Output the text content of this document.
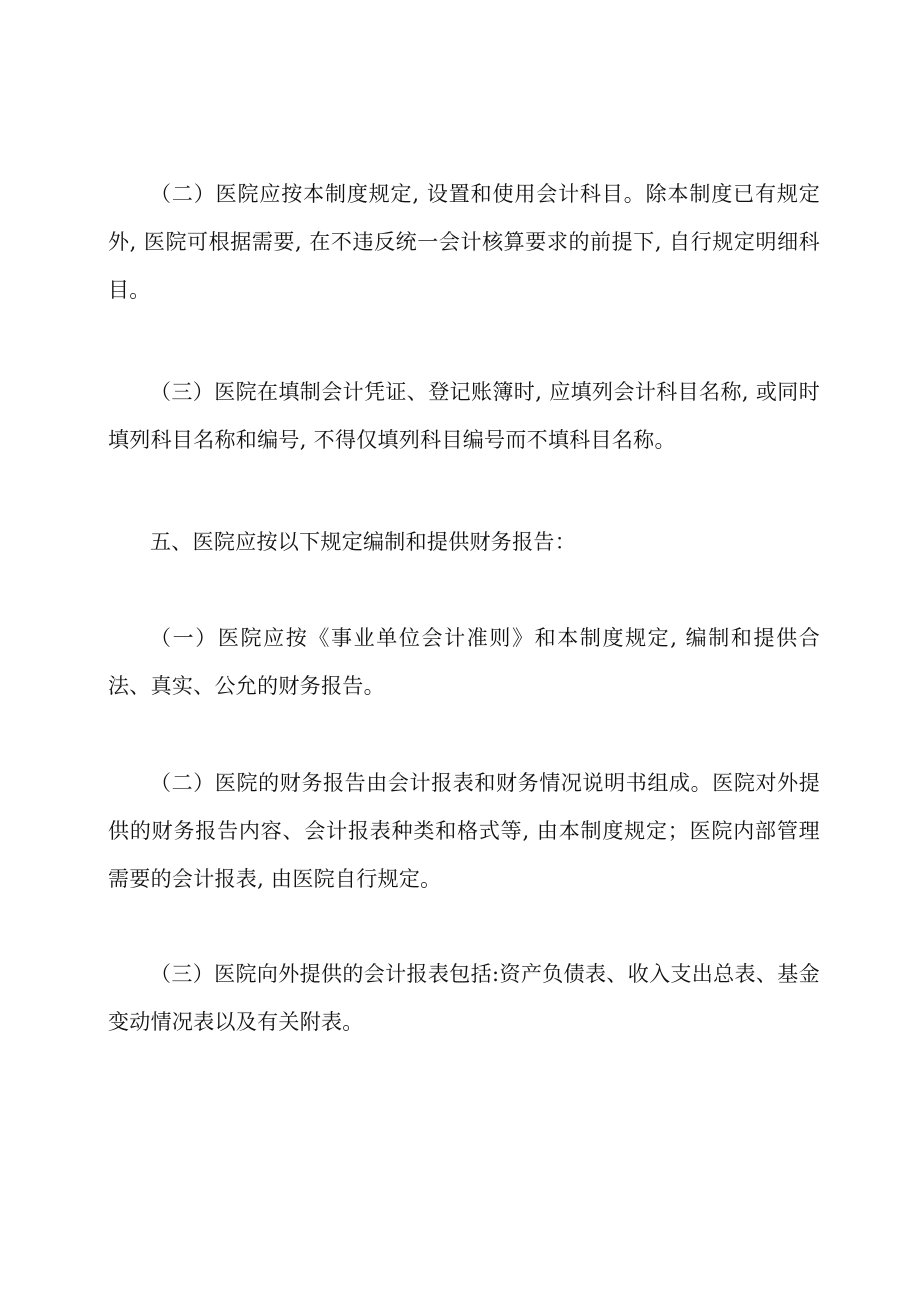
（二）医院应按本制度规定, 设置和使用会计科目。除本制度已有规定外, 医院可根据需要, 在不违反统一会计核算要求的前提下, 自行规定明细科目。

（三）医院在填制会计凭证、登记账簿时, 应填列会计科目名称, 或同时填列科目名称和编号, 不得仅填列科目编号而不填科目名称。

五、医院应按以下规定编制和提供财务报告：

（一）医院应按《事业单位会计准则》和本制度规定, 编制和提供合法、真实、公允的财务报告。

（二）医院的财务报告由会计报表和财务情况说明书组成。医院对外提供的财务报告内容、会计报表种类和格式等, 由本制度规定；医院内部管理需要的会计报表, 由医院自行规定。

（三）医院向外提供的会计报表包括:资产负债表、收入支出总表、基金变动情况表以及有关附表。
